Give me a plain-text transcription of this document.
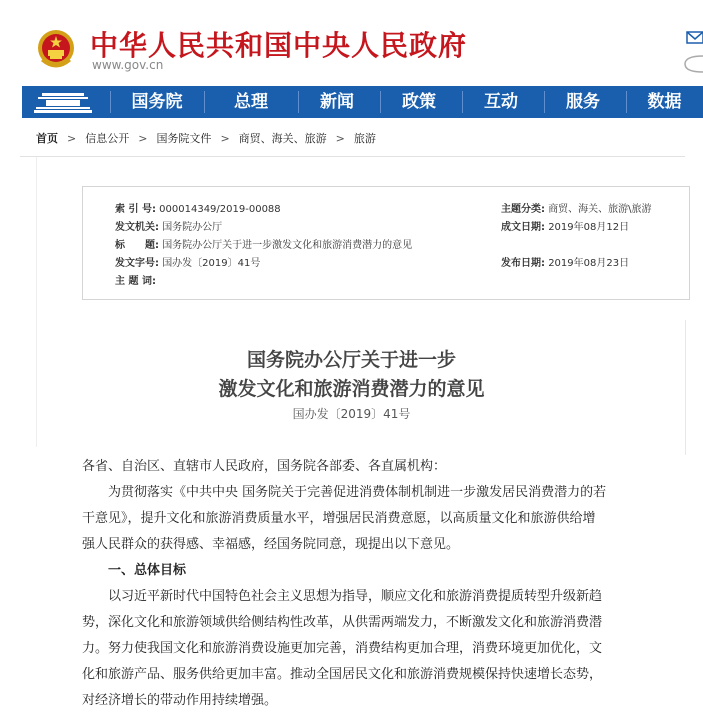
中华人民共和国中央人民政府
www.gov.cn
国务院	总理	新闻	政策	互动	服务	数据
首页 > 信息公开 > 国务院文件 > 商贸、海关、旅游 > 旅游
索 引 号: 000014349/2019-00088
发文机关: 国务院办公厅
标　　题: 国务院办公厅关于进一步激发文化和旅游消费潜力的意见
发文字号: 国办发〔2019〕41号
主 题 词:
主题分类: 商贸、海关、旅游\旅游
成文日期: 2019年08月12日
发布日期: 2019年08月23日
国务院办公厅关于进一步
激发文化和旅游消费潜力的意见
国办发〔2019〕41号
各省、自治区、直辖市人民政府，国务院各部委、各直属机构：
　　为贯彻落实《中共中央 国务院关于完善促进消费体制机制进一步激发居民消费潜力的若
干意见》，提升文化和旅游消费质量水平，增强居民消费意愿，以高质量文化和旅游供给增
强人民群众的获得感、幸福感，经国务院同意，现提出以下意见。
　　一、总体目标
　　以习近平新时代中国特色社会主义思想为指导，顺应文化和旅游消费提质转型升级新趋
势，深化文化和旅游领域供给侧结构性改革，从供需两端发力，不断激发文化和旅游消费潜
力。努力使我国文化和旅游消费设施更加完善，消费结构更加合理，消费环境更加优化，文
化和旅游产品、服务供给更加丰富。推动全国居民文化和旅游消费规模保持快速增长态势，
对经济增长的带动作用持续增强。
